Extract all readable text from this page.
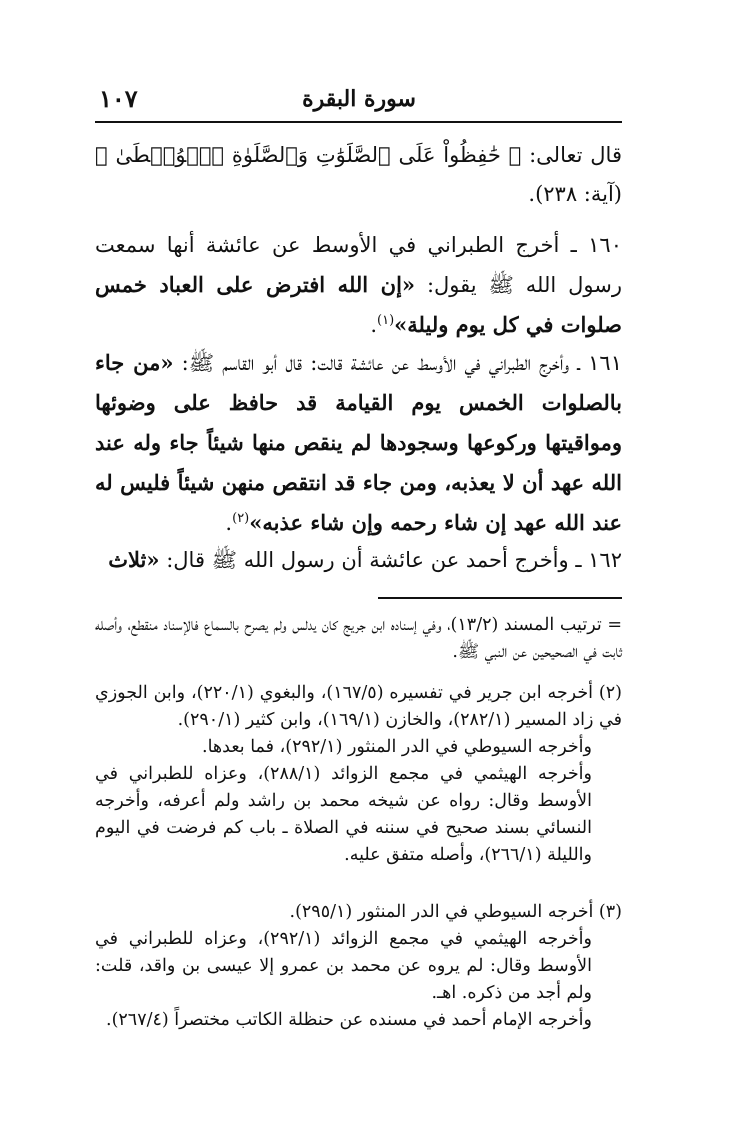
سورة البقرة
١٠٧

قال تعالى: ﴿ حَٰفِظُواْ عَلَى ٱلصَّلَوَٰتِ وَٱلصَّلَوٰةِ ٱلۡوُسۡطَىٰ ﴾ (آية: ٢٣٨).

١٦٠ ـ أخرج الطبراني في الأوسط عن عائشة أنها سمعت رسول الله ﷺ يقول: «إن الله افترض على العباد خمس صلوات في كل يوم وليلة»$^{(١)}$.

١٦١ ـ وأخرج الطبراني في الأوسط عن عائشة قالت: قال أبو القاسم ﷺ: «من جاء بالصلوات الخمس يوم القيامة قد حافظ على وضوئها ومواقيتها وركوعها وسجودها لم ينقص منها شيئاً جاء وله عند الله عهد أن لا يعذبه، ومن جاء قد انتقص منهن شيئاً فليس له عند الله عهد إن شاء رحمه وإن شاء عذبه»$^{(٢)}$.

١٦٢ ـ وأخرج أحمد عن عائشة أن رسول الله ﷺ قال: «ثلاث

= ترتيب المسند (١٣/٢)، وفي إسناده ابن جريج كان يدلس ولم يصرح بالسماع فالإسناد منقطع، وأصله ثابت في الصحيحين عن النبي ﷺ.

(٢) أخرجه ابن جرير في تفسيره (١٦٧/٥)، والبغوي (٢٢٠/١)، وابن الجوزي في زاد المسير (٢٨٢/١)، والخازن (١٦٩/١)، وابن كثير (٢٩٠/١).

وأخرجه السيوطي في الدر المنثور (٢٩٢/١)، فما بعدها.

وأخرجه الهيثمي في مجمع الزوائد (٢٨٨/١)، وعزاه للطبراني في الأوسط وقال: رواه عن شيخه محمد بن راشد ولم أعرفه، وأخرجه النسائي بسند صحيح في سننه في الصلاة ـ باب كم فرضت في اليوم والليلة (٢٦٦/١)، وأصله متفق عليه.

(٣) أخرجه السيوطي في الدر المنثور (٢٩٥/١).

وأخرجه الهيثمي في مجمع الزوائد (٢٩٢/١)، وعزاه للطبراني في الأوسط وقال: لم يروه عن محمد بن عمرو إلا عيسى بن واقد، قلت: ولم أجد من ذكره. اهـ.

وأخرجه الإمام أحمد في مسنده عن حنظلة الكاتب مختصراً (٢٦٧/٤).
